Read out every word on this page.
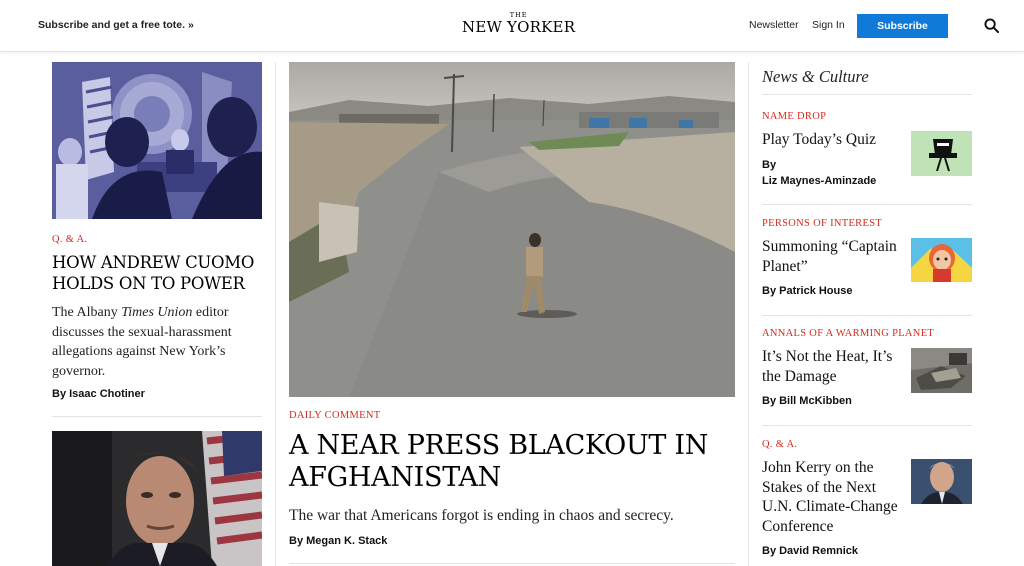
Subscribe and get a free tote. »
THE
NEW YORKER	Newsletter Sign In	Subscribe
Q. & A.
HOW ANDREW CUOMO HOLDS ON TO POWER
The Albany Times Union editor discusses the sexual-harassment allegations against New York’s governor.
By Isaac Chotiner
DAILY COMMENT
A NEAR PRESS BLACKOUT IN AFGHANISTAN
The war that Americans forgot is ending in chaos and secrecy.
By Megan K. Stack
News & Culture
NAME DROP
Play Today’s Quiz
By
Liz Maynes-Aminzade
PERSONS OF INTEREST
Summoning “Captain Planet”
By Patrick House
ANNALS OF A WARMING PLANET
It’s Not the Heat, It’s the Damage
By Bill McKibben
Q. & A.
John Kerry on the Stakes of the Next U.N. Climate-Change Conference
By David Remnick
